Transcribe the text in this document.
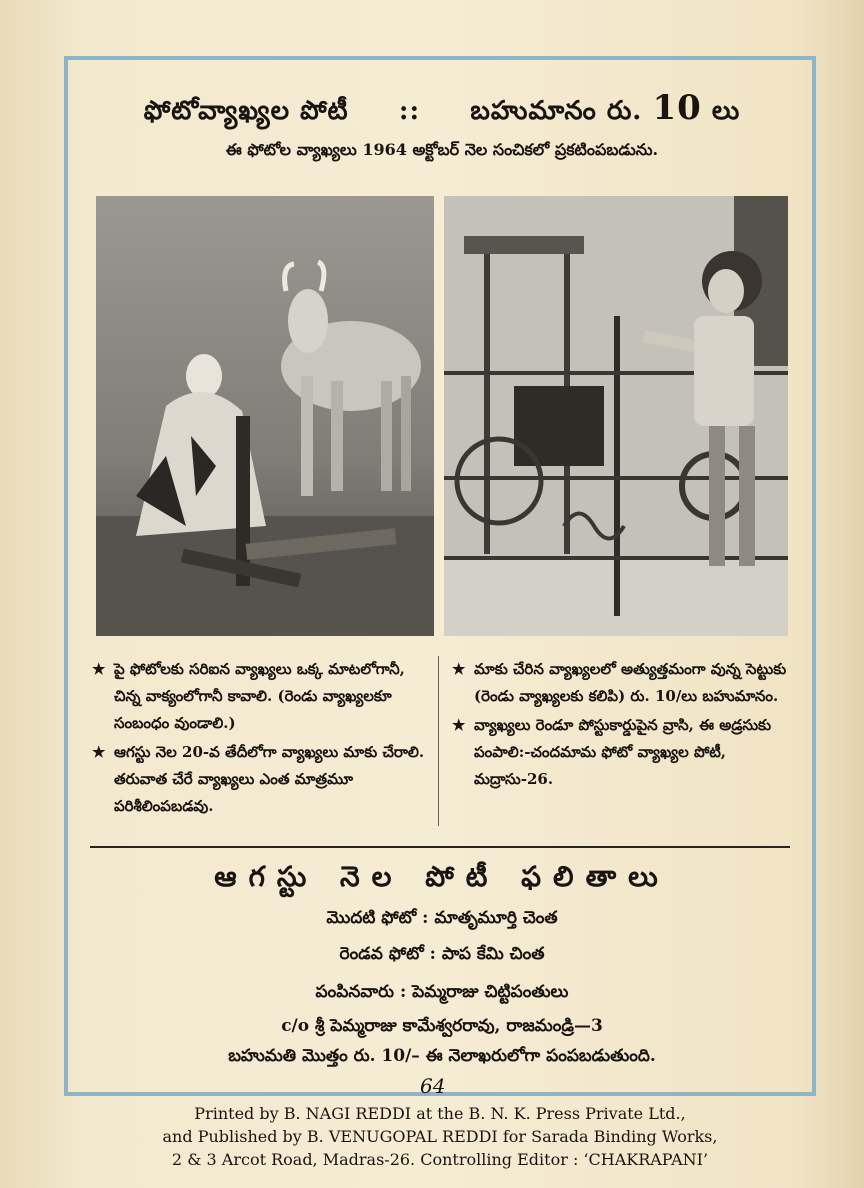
ఫోటోవ్యాఖ్యల పోటీ :: బహుమానం రు. 10 లు
ఈ ఫోటోల వ్యాఖ్యలు 1964 అక్టోబర్ నెల సంచికలో ప్రకటింపబడును.
★ పై ఫోటోలకు సరిఐన వ్యాఖ్యలు ఒక్క మాటలోగానీ, చిన్న వాక్యంలోగానీ కావాలి. (రెండు వ్యాఖ్యలకూ సంబంధం వుండాలి.)
★ ఆగస్టు నెల 20-వ తేదీలోగా వ్యాఖ్యలు మాకు చేరాలి. తరువాత చేరే వ్యాఖ్యలు ఎంత మాత్రమూ పరిశీలింపబడవు.
★ మాకు చేరిన వ్యాఖ్యలలో అత్యుత్తమంగా వున్న సెట్టుకు (రెండు వ్యాఖ్యలకు కలిపి) రు. 10/లు బహుమానం.
★ వ్యాఖ్యలు రెండూ పోస్టుకార్డుపైన వ్రాసి, ఈ అడ్రసుకు పంపాలి:-చందమామ ఫోటో వ్యాఖ్యల పోటీ, మద్రాసు-26.
ఆగస్టు నెల పోటీ ఫలితాలు
మొదటి ఫోటో : మాతృమూర్తి చెంత
రెండవ ఫోటో : పాప కేమి చింత
పంపినవారు : పెమ్మరాజు చిట్టిపంతులు
c/o శ్రీ పెమ్మరాజు కామేశ్వరరావు, రాజమండ్రి—3
బహుమతి మొత్తం రు. 10/– ఈ నెలాఖరులోగా పంపబడుతుంది.
64
Printed by B. NAGI REDDI at the B. N. K. Press Private Ltd.,
and Published by B. VENUGOPAL REDDI for Sarada Binding Works,
2 & 3 Arcot Road, Madras-26. Controlling Editor : ‘CHAKRAPANI’
